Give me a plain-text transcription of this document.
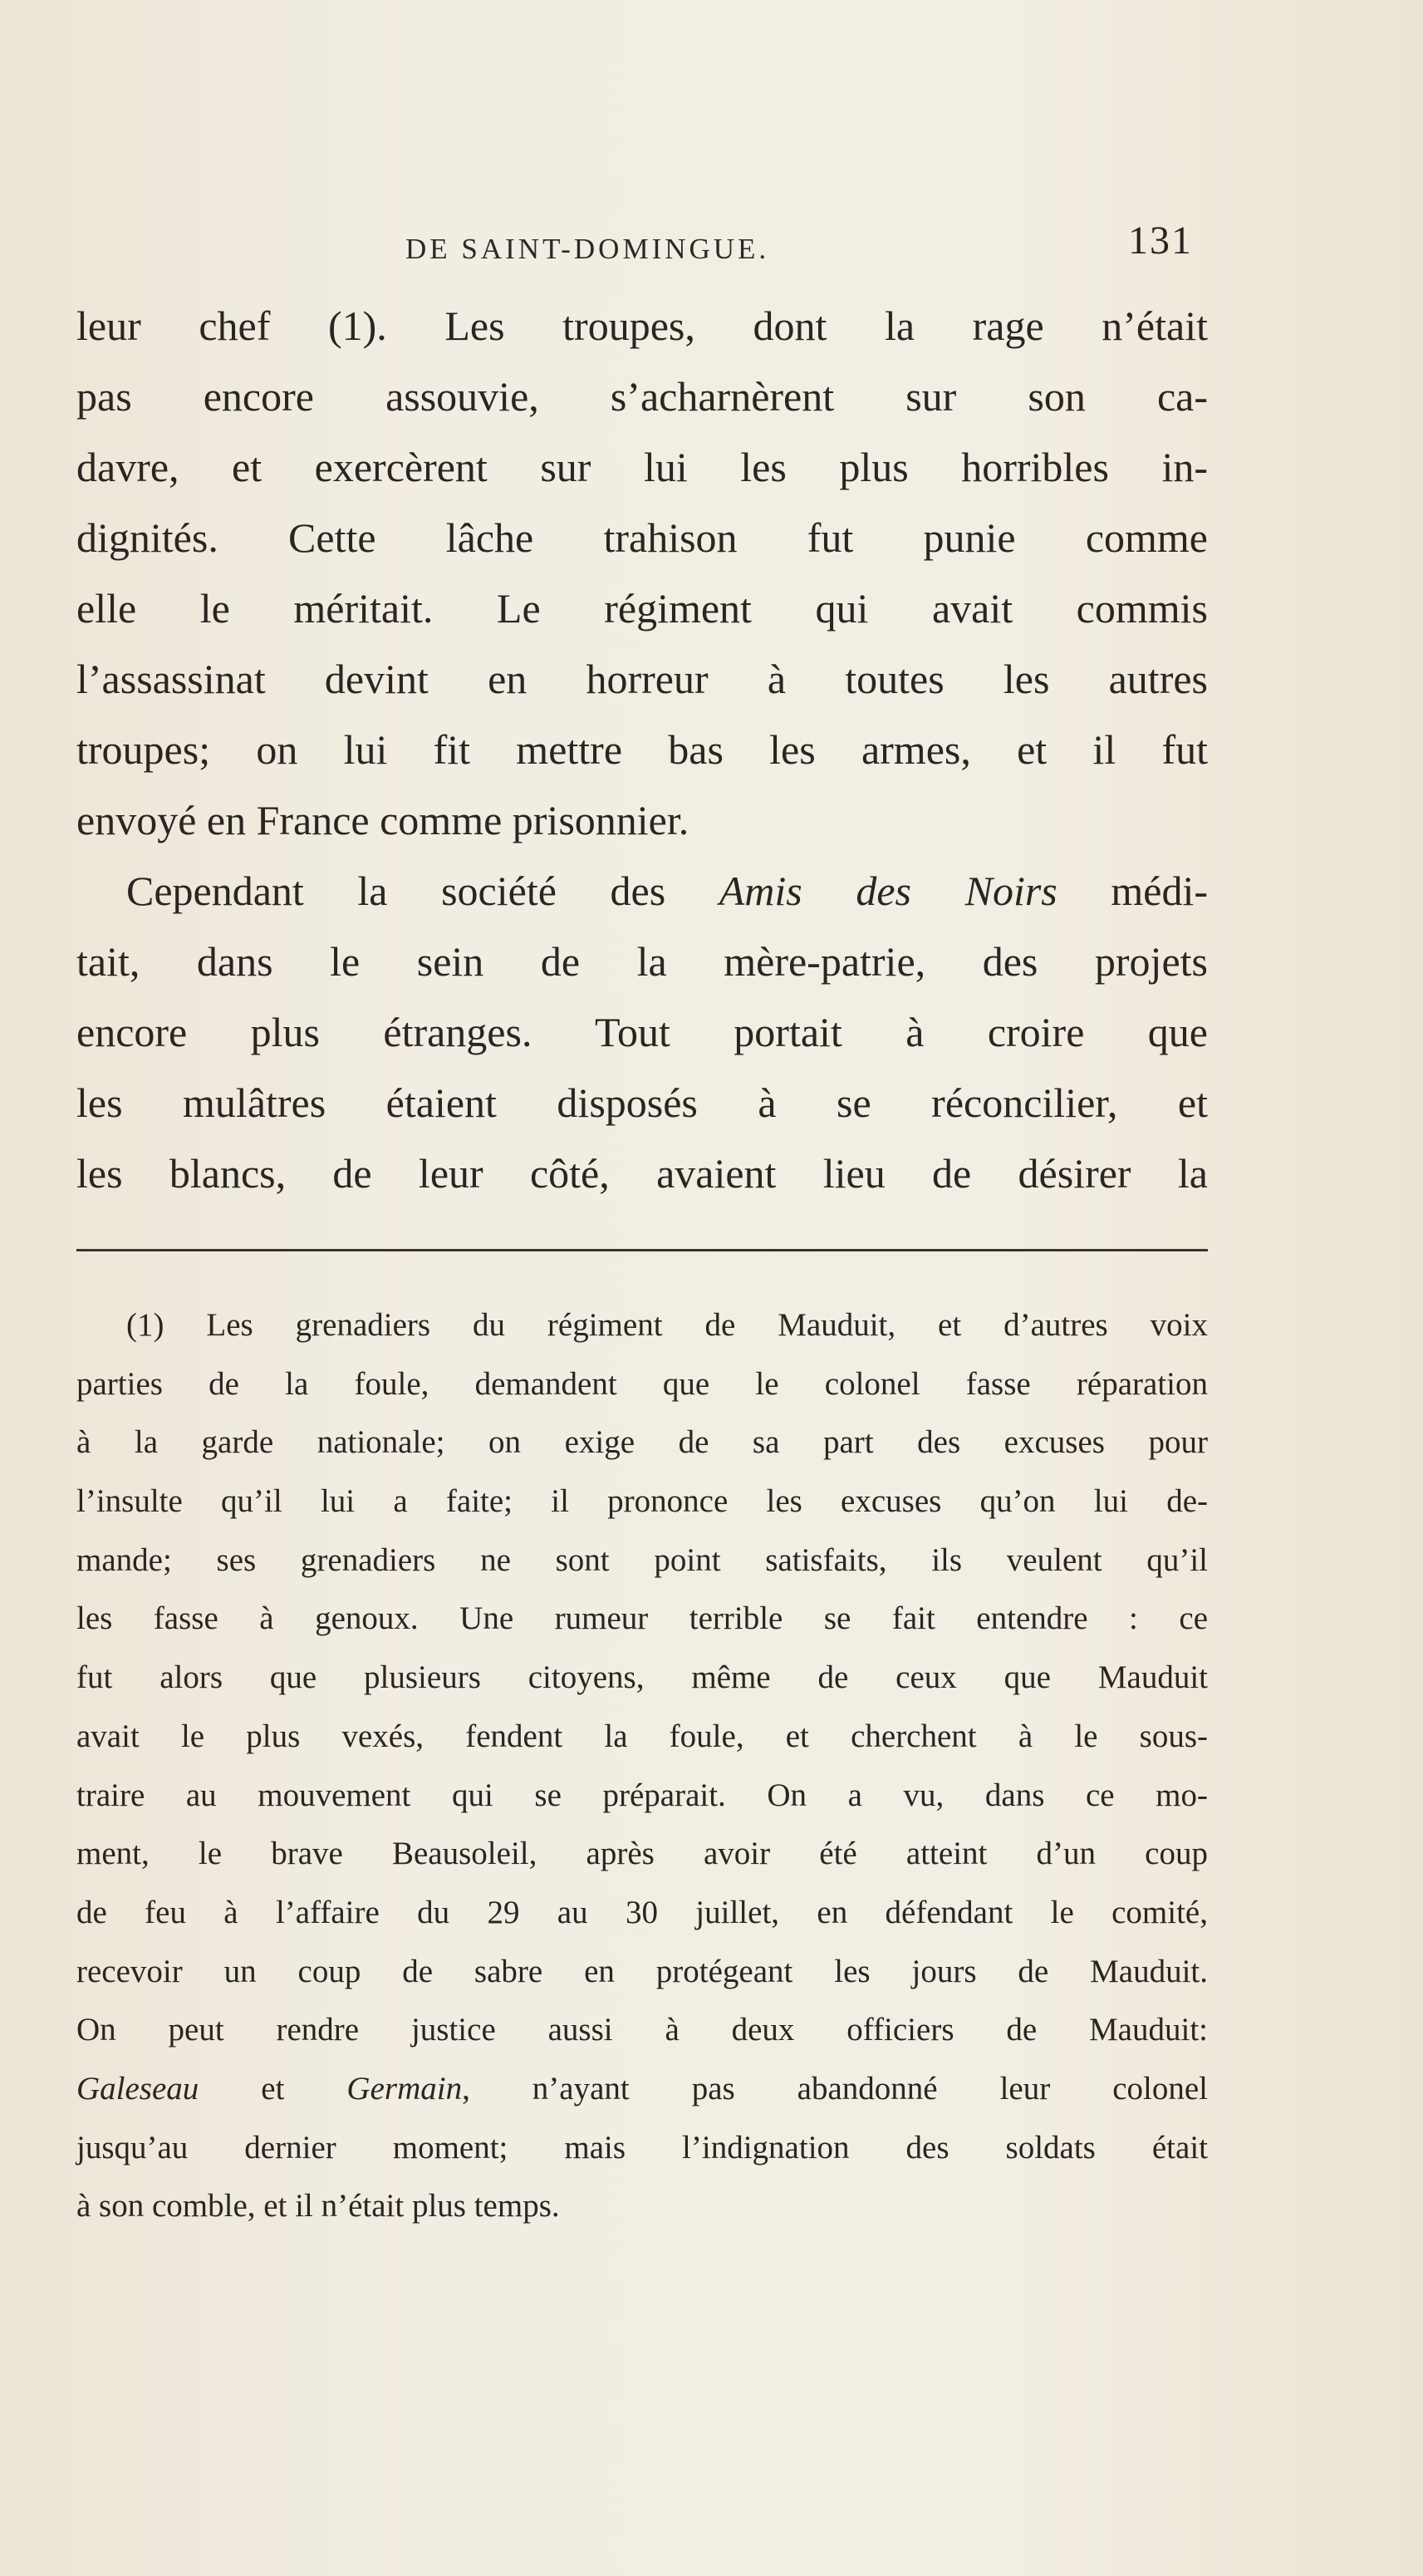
DE SAINT-DOMINGUE.	131
leur chef (1). Les troupes, dont la rage n’était
pas encore assouvie, s’acharnèrent sur son ca-
davre, et exercèrent sur lui les plus horribles in-
dignités. Cette lâche trahison fut punie comme
elle le méritait. Le régiment qui avait commis
l’assassinat devint en horreur à toutes les autres
troupes; on lui fit mettre bas les armes, et il fut
envoyé en France comme prisonnier.
Cependant la société des Amis des Noirs médi-
tait, dans le sein de la mère-patrie, des projets
encore plus étranges. Tout portait à croire que
les mulâtres étaient disposés à se réconcilier, et
les blancs, de leur côté, avaient lieu de désirer la
(1) Les grenadiers du régiment de Mauduit, et d’autres voix
parties de la foule, demandent que le colonel fasse réparation
à la garde nationale; on exige de sa part des excuses pour
l’insulte qu’il lui a faite; il prononce les excuses qu’on lui de-
mande; ses grenadiers ne sont point satisfaits, ils veulent qu’il
les fasse à genoux. Une rumeur terrible se fait entendre : ce
fut alors que plusieurs citoyens, même de ceux que Mauduit
avait le plus vexés, fendent la foule, et cherchent à le sous-
traire au mouvement qui se préparait. On a vu, dans ce mo-
ment, le brave Beausoleil, après avoir été atteint d’un coup
de feu à l’affaire du 29 au 30 juillet, en défendant le comité,
recevoir un coup de sabre en protégeant les jours de Mauduit.
On peut rendre justice aussi à deux officiers de Mauduit:
Galeseau et Germain, n’ayant pas abandonné leur colonel
jusqu’au dernier moment; mais l’indignation des soldats était
à son comble, et il n’était plus temps.
